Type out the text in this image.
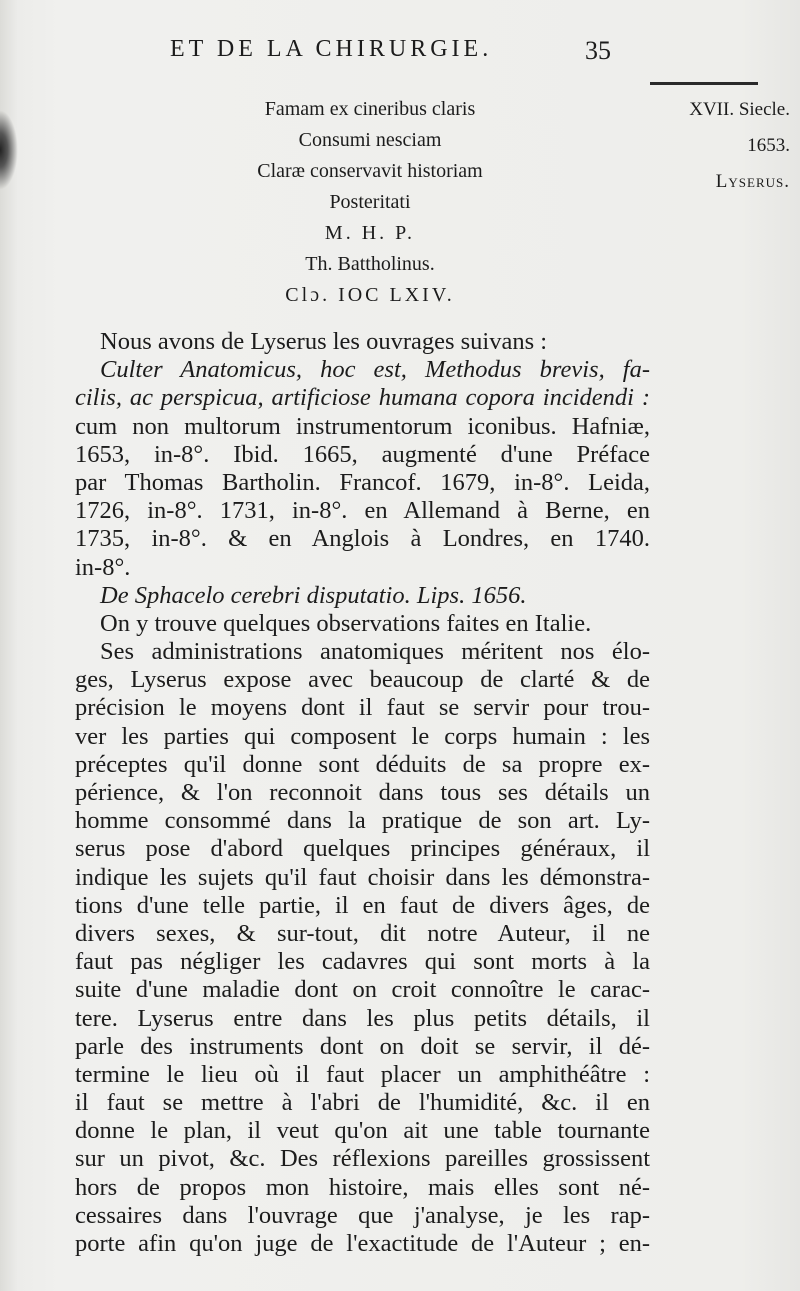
ET DE LA CHIRURGIE.	35
XVII. Siecle.
1653.
Lyserus.
Famam ex cineribus claris
Consumi nesciam
Claræ conservavit historiam
Posteritati
M. H. P.
Th. Battholinus.
Clɔ. IOC LXIV.
Nous avons de Lyserus les ouvrages suivans :
Culter Anatomicus, hoc est, Methodus brevis, fa-
cilis, ac perspicua, artificiose humana copora incidendi :
cum non multorum instrumentorum iconibus. Hafniæ,
1653, in-8°. Ibid. 1665, augmenté d'une Préface
par Thomas Bartholin. Francof. 1679, in-8°. Leida,
1726, in-8°. 1731, in-8°. en Allemand à Berne, en
1735, in-8°. & en Anglois à Londres, en 1740.
in-8°.
De Sphacelo cerebri disputatio. Lips. 1656.
On y trouve quelques observations faites en Italie.
Ses administrations anatomiques méritent nos élo-
ges, Lyserus expose avec beaucoup de clarté & de
précision le moyens dont il faut se servir pour trou-
ver les parties qui composent le corps humain : les
préceptes qu'il donne sont déduits de sa propre ex-
périence, & l'on reconnoit dans tous ses détails un
homme consommé dans la pratique de son art. Ly-
serus pose d'abord quelques principes généraux, il
indique les sujets qu'il faut choisir dans les démonstra-
tions d'une telle partie, il en faut de divers âges, de
divers sexes, & sur-tout, dit notre Auteur, il ne
faut pas négliger les cadavres qui sont morts à la
suite d'une maladie dont on croit connoître le carac-
tere. Lyserus entre dans les plus petits détails, il
parle des instruments dont on doit se servir, il dé-
termine le lieu où il faut placer un amphithéâtre :
il faut se mettre à l'abri de l'humidité, &c. il en
donne le plan, il veut qu'on ait une table tournante
sur un pivot, &c. Des réflexions pareilles grossissent
hors de propos mon histoire, mais elles sont né-
cessaires dans l'ouvrage que j'analyse, je les rap-
porte afin qu'on juge de l'exactitude de l'Auteur ; en-
